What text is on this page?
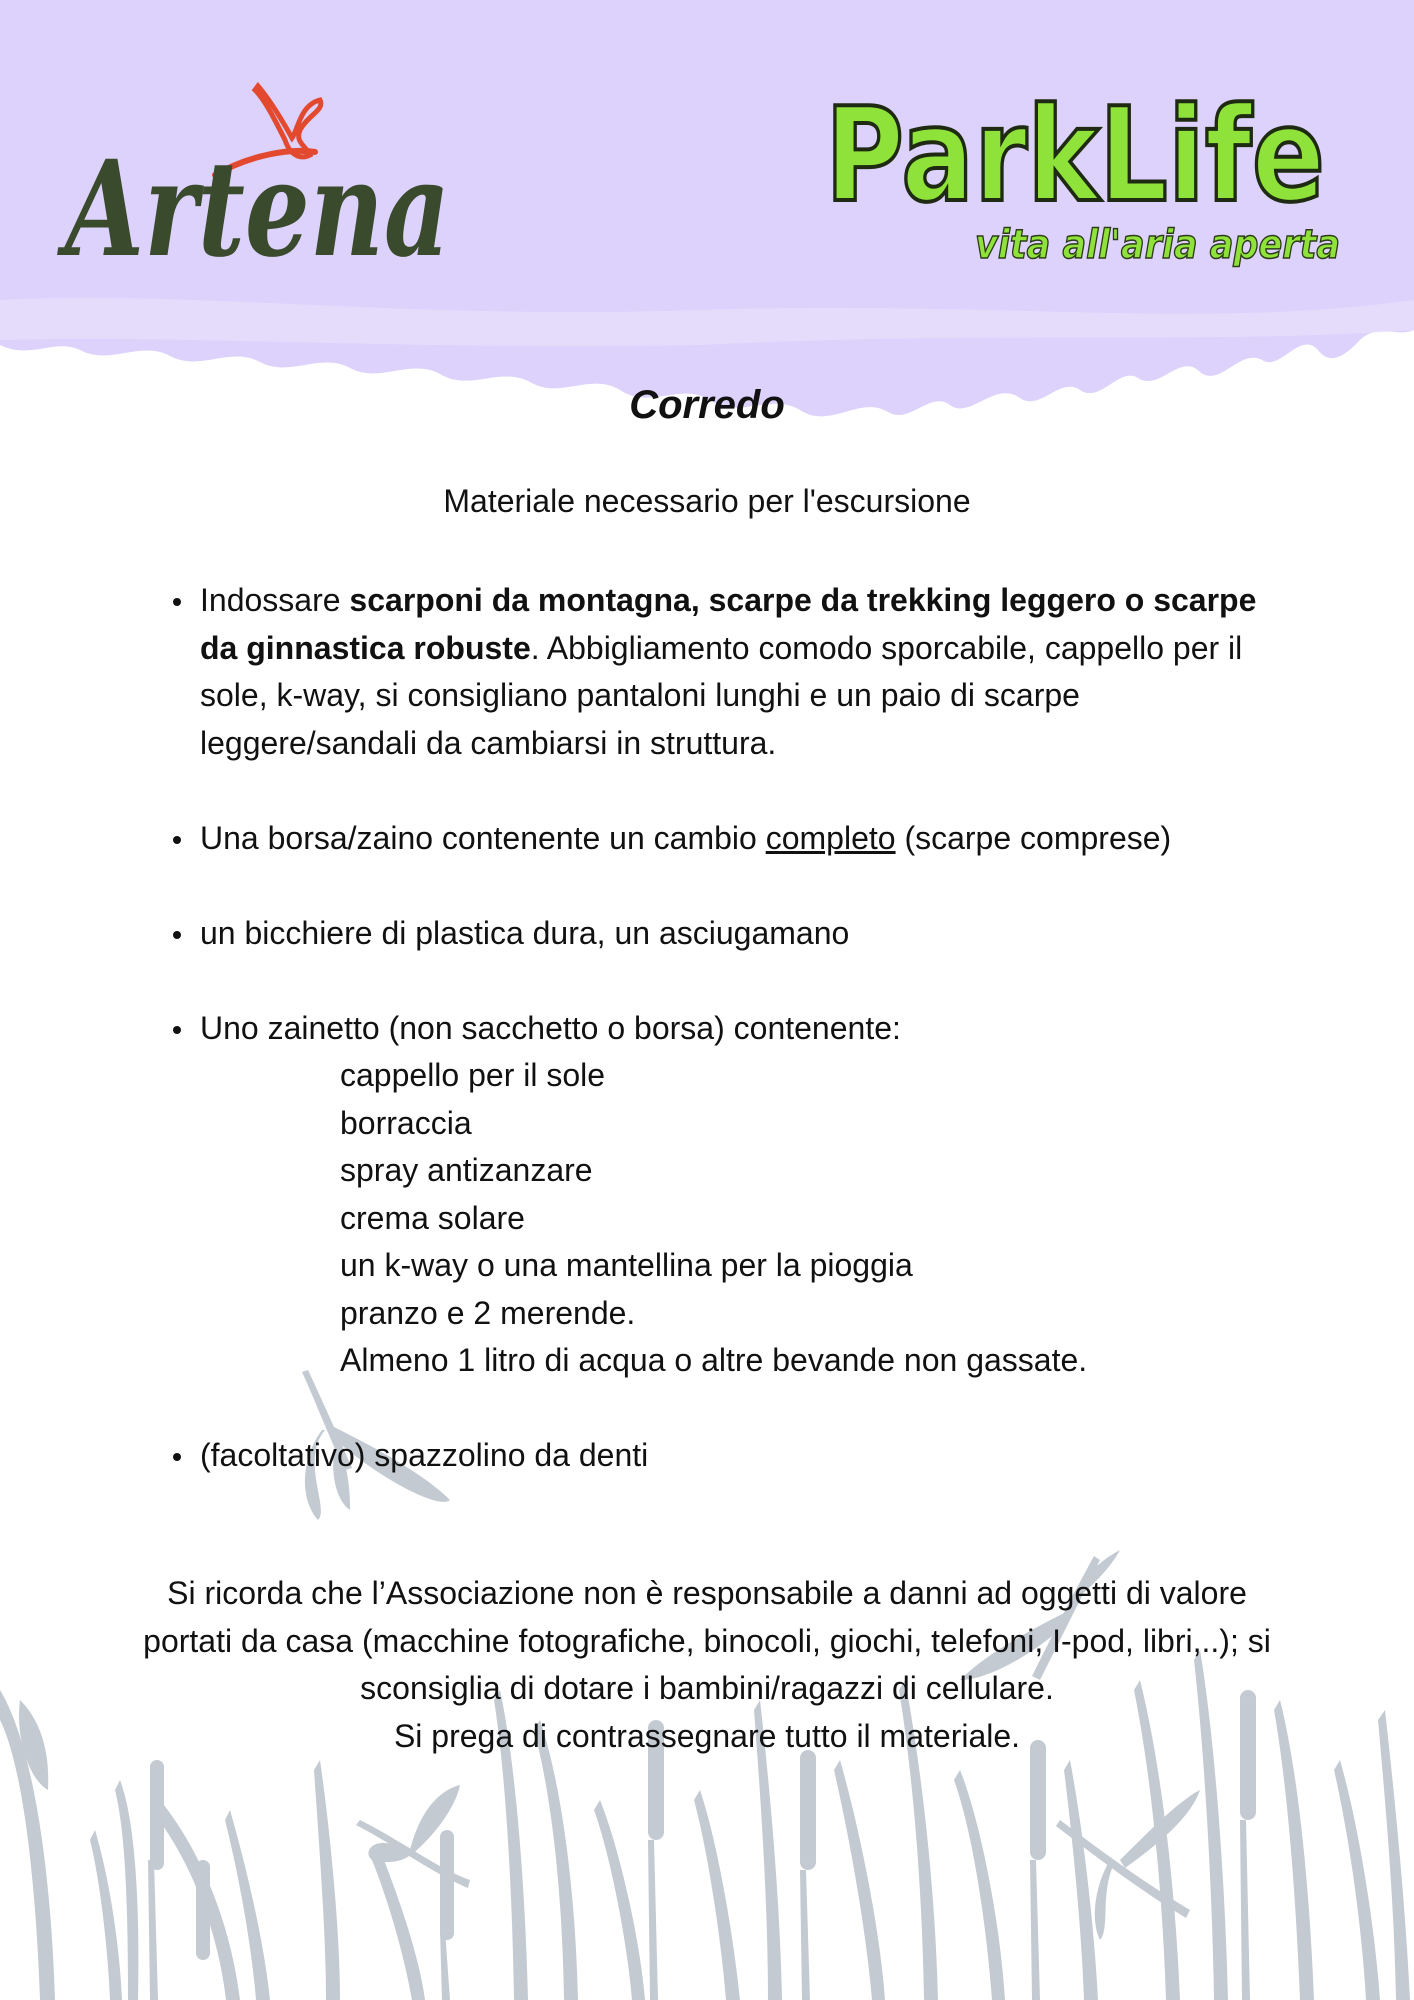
Artena	ParkLife
vita all'aria aperta
Corredo
Materiale necessario per l'escursione
Indossare scarponi da montagna, scarpe da trekking leggero o scarpe da ginnastica robuste. Abbigliamento comodo sporcabile, cappello per il sole, k-way, si consigliano pantaloni lunghi e un paio di scarpe leggere/sandali da cambiarsi in struttura.
Una borsa/zaino contenente un cambio completo (scarpe comprese)
un bicchiere di plastica dura, un asciugamano
Uno zainetto (non sacchetto o borsa) contenente:
cappello per il sole
borraccia
spray antizanzare
crema solare
un k-way o una mantellina per la pioggia
pranzo e 2 merende.
Almeno 1 litro di acqua o altre bevande non gassate.
(facoltativo) spazzolino da denti

Si ricorda che l’Associazione non è responsabile a danni ad oggetti di valore portati da casa (macchine fotografiche, binocoli, giochi, telefoni, I-pod, libri,..); si sconsiglia di dotare i bambini/ragazzi di cellulare.

Si prega di contrassegnare tutto il materiale.
